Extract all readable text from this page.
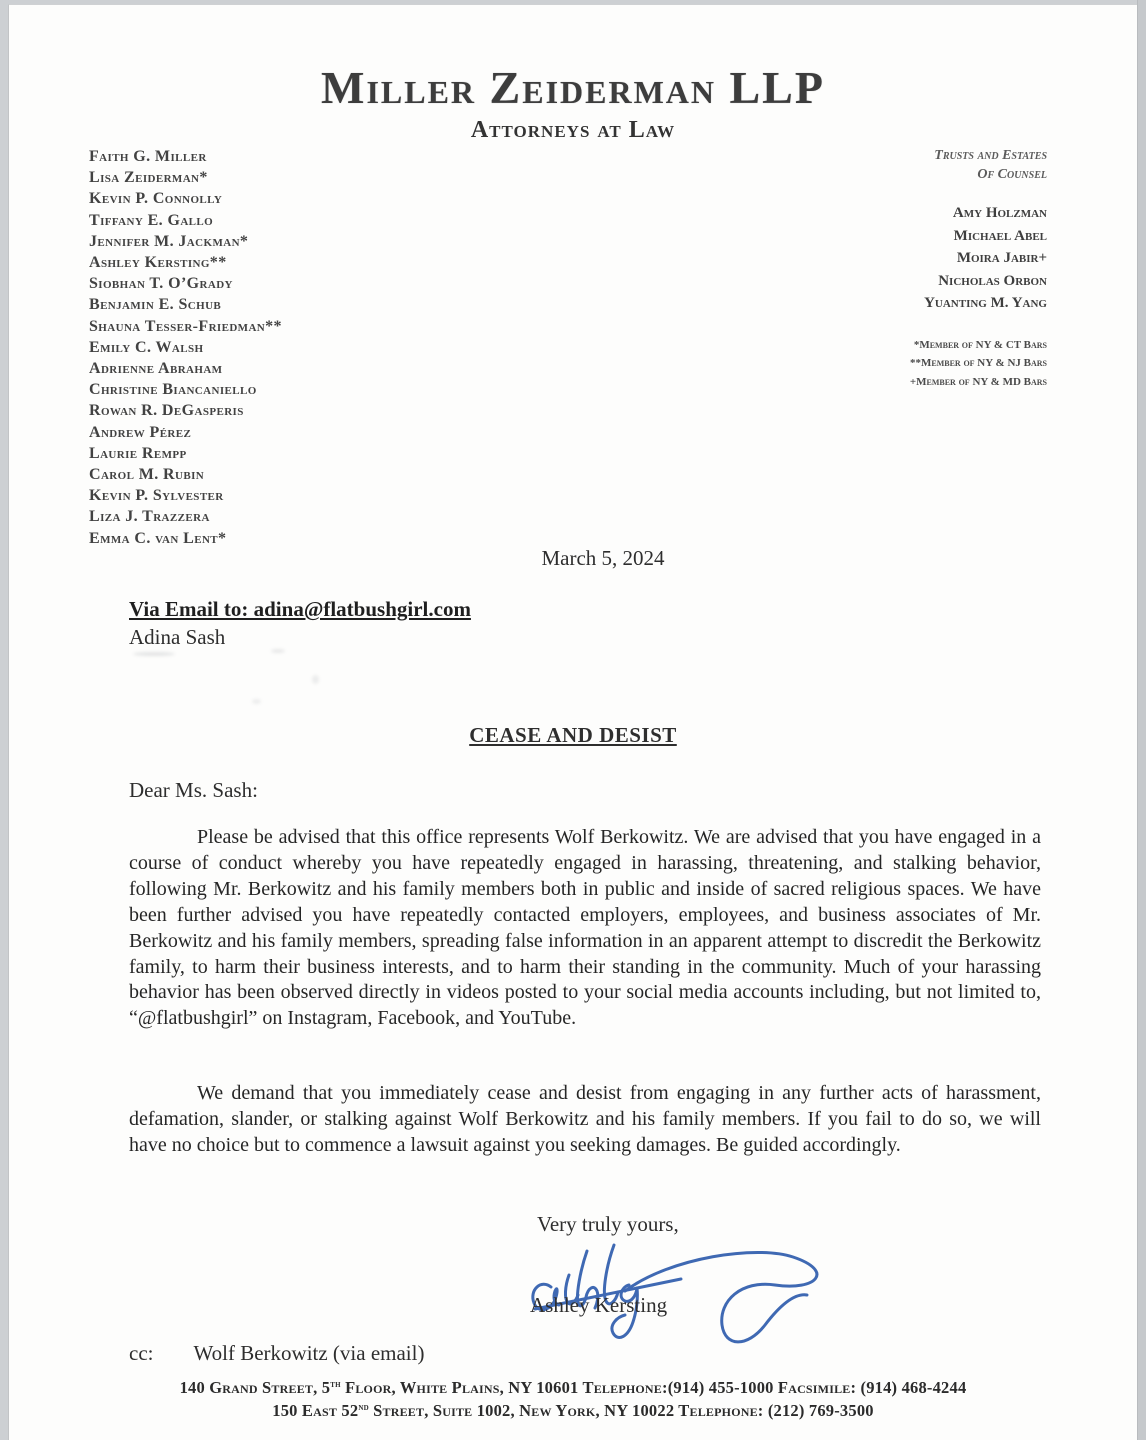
Miller Zeiderman LLP
Attorneys at Law
Faith G. Miller
Lisa Zeiderman*
Kevin P. Connolly
Tiffany E. Gallo
Jennifer M. Jackman*
Ashley Kersting**
Siobhan T. O’Grady
Benjamin E. Schub
Shauna Tesser-Friedman**
Emily C. Walsh
Adrienne Abraham
Christine Biancaniello
Rowan R. DeGasperis
Andrew Pérez
Laurie Rempp
Carol M. Rubin
Kevin P. Sylvester
Liza J. Trazzera
Emma C. van Lent*
Trusts and Estates
Of Counsel
Amy Holzman
Michael Abel
Moira Jabir+
Nicholas Orbon
Yuanting M. Yang
*Member of NY & CT Bars
**Member of NY & NJ Bars
+Member of NY & MD Bars
March 5, 2024
Via Email to: adina@flatbushgirl.com
Adina Sash
CEASE AND DESIST
Dear Ms. Sash:
Please be advised that this office represents Wolf Berkowitz. We are advised that you have engaged in a course of conduct whereby you have repeatedly engaged in harassing, threatening, and stalking behavior, following Mr. Berkowitz and his family members both in public and inside of sacred religious spaces. We have been further advised you have repeatedly contacted employers, employees, and business associates of Mr. Berkowitz and his family members, spreading false information in an apparent attempt to discredit the Berkowitz family, to harm their business interests, and to harm their standing in the community. Much of your harassing behavior has been observed directly in videos posted to your social media accounts including, but not limited to, “@flatbushgirl” on Instagram, Facebook, and YouTube.
We demand that you immediately cease and desist from engaging in any further acts of harassment, defamation, slander, or stalking against Wolf Berkowitz and his family members. If you fail to do so, we will have no choice but to commence a lawsuit against you seeking damages. Be guided accordingly.
Very truly yours,
Ashley Kersting
cc: Wolf Berkowitz (via email)
140 Grand Street, 5th Floor, White Plains, NY 10601 Telephone:(914) 455-1000 Facsimile: (914) 468-4244
150 East 52nd Street, Suite 1002, New York, NY 10022 Telephone: (212) 769-3500
